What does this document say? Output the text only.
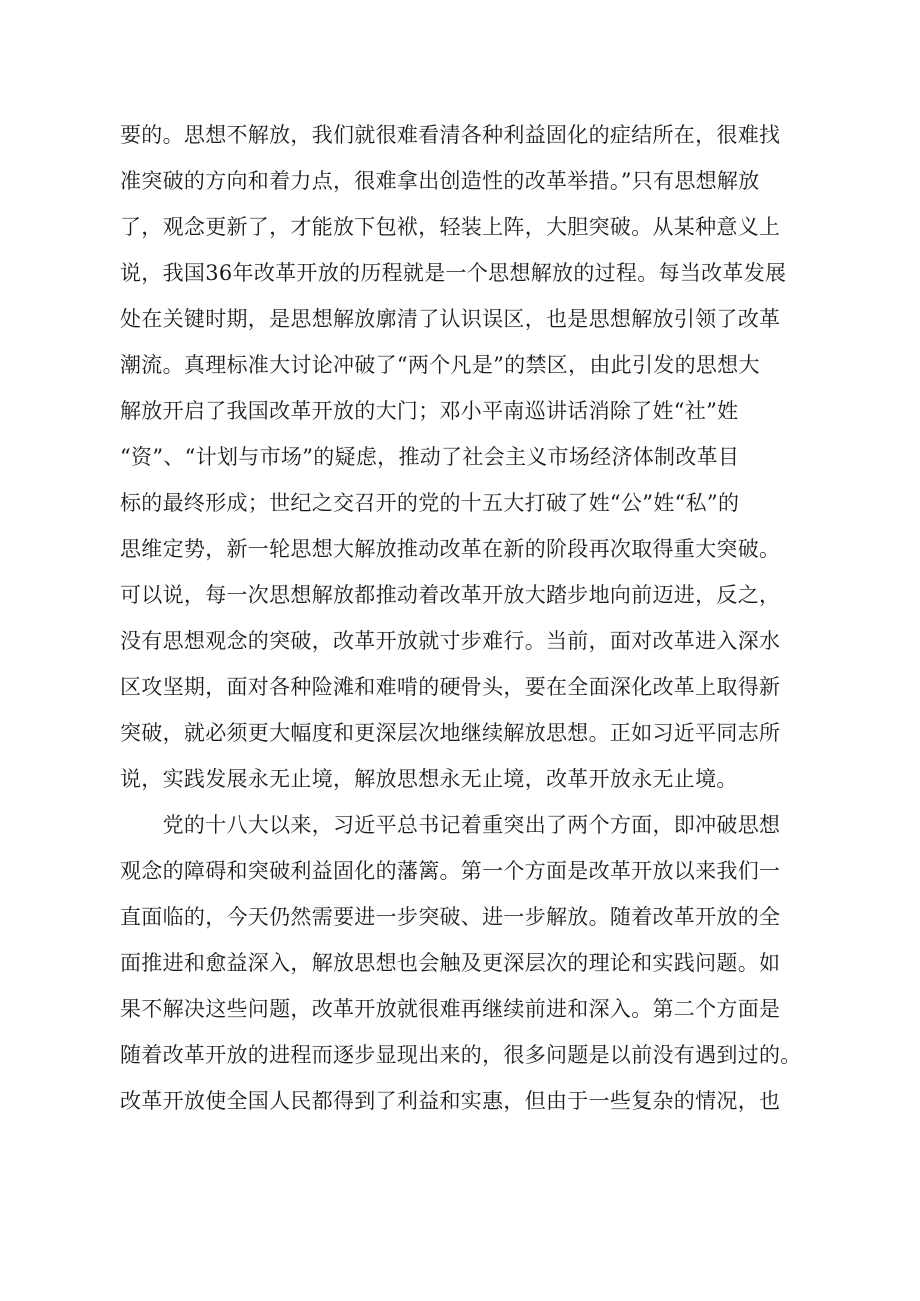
要的。思想不解放，我们就很难看清各种利益固化的症结所在，很难找
准突破的方向和着力点，很难拿出创造性的改革举措。”只有思想解放
了，观念更新了，才能放下包袱，轻装上阵，大胆突破。从某种意义上
说，我国36年改革开放的历程就是一个思想解放的过程。每当改革发展
处在关键时期，是思想解放廓清了认识误区，也是思想解放引领了改革
潮流。真理标准大讨论冲破了“两个凡是”的禁区，由此引发的思想大
解放开启了我国改革开放的大门；邓小平南巡讲话消除了姓“社”姓
“资”、“计划与市场”的疑虑，推动了社会主义市场经济体制改革目
标的最终形成；世纪之交召开的党的十五大打破了姓“公”姓“私”的
思维定势，新一轮思想大解放推动改革在新的阶段再次取得重大突破。
可以说，每一次思想解放都推动着改革开放大踏步地向前迈进，反之，
没有思想观念的突破，改革开放就寸步难行。当前，面对改革进入深水
区攻坚期，面对各种险滩和难啃的硬骨头，要在全面深化改革上取得新
突破，就必须更大幅度和更深层次地继续解放思想。正如习近平同志所
说，实践发展永无止境，解放思想永无止境，改革开放永无止境。
　　党的十八大以来，习近平总书记着重突出了两个方面，即冲破思想
观念的障碍和突破利益固化的藩篱。第一个方面是改革开放以来我们一
直面临的，今天仍然需要进一步突破、进一步解放。随着改革开放的全
面推进和愈益深入，解放思想也会触及更深层次的理论和实践问题。如
果不解决这些问题，改革开放就很难再继续前进和深入。第二个方面是
随着改革开放的进程而逐步显现出来的，很多问题是以前没有遇到过的。
改革开放使全国人民都得到了利益和实惠，但由于一些复杂的情况，也
